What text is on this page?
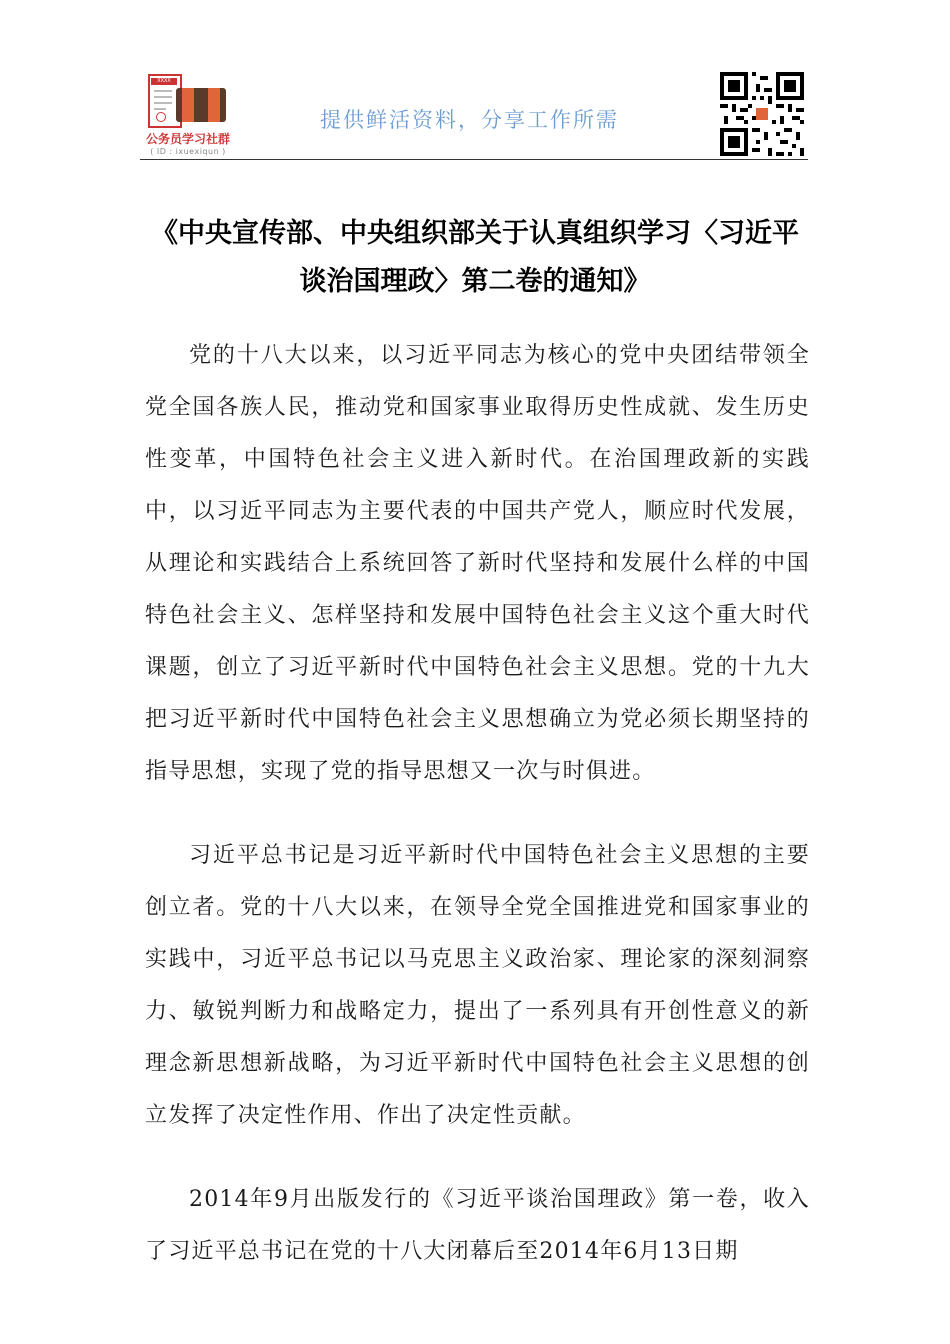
XXXX
公务员学习社群
( ID : ixuexiqun )
提供鲜活资料，分享工作所需
《中央宣传部、中央组织部关于认真组织学习〈习近平谈治国理政〉第二卷的通知》

党的十八大以来，以习近平同志为核心的党中央团结带领全党全国各族人民，推动党和国家事业取得历史性成就、发生历史性变革，中国特色社会主义进入新时代。在治国理政新的实践中，以习近平同志为主要代表的中国共产党人，顺应时代发展，从理论和实践结合上系统回答了新时代坚持和发展什么样的中国特色社会主义、怎样坚持和发展中国特色社会主义这个重大时代课题，创立了习近平新时代中国特色社会主义思想。党的十九大把习近平新时代中国特色社会主义思想确立为党必须长期坚持的指导思想，实现了党的指导思想又一次与时俱进。

习近平总书记是习近平新时代中国特色社会主义思想的主要创立者。党的十八大以来，在领导全党全国推进党和国家事业的实践中，习近平总书记以马克思主义政治家、理论家的深刻洞察力、敏锐判断力和战略定力，提出了一系列具有开创性意义的新理念新思想新战略，为习近平新时代中国特色社会主义思想的创立发挥了决定性作用、作出了决定性贡献。

2014年9月出版发行的《习近平谈治国理政》第一卷，收入了习近平总书记在党的十八大闭幕后至2014年6月13日期
